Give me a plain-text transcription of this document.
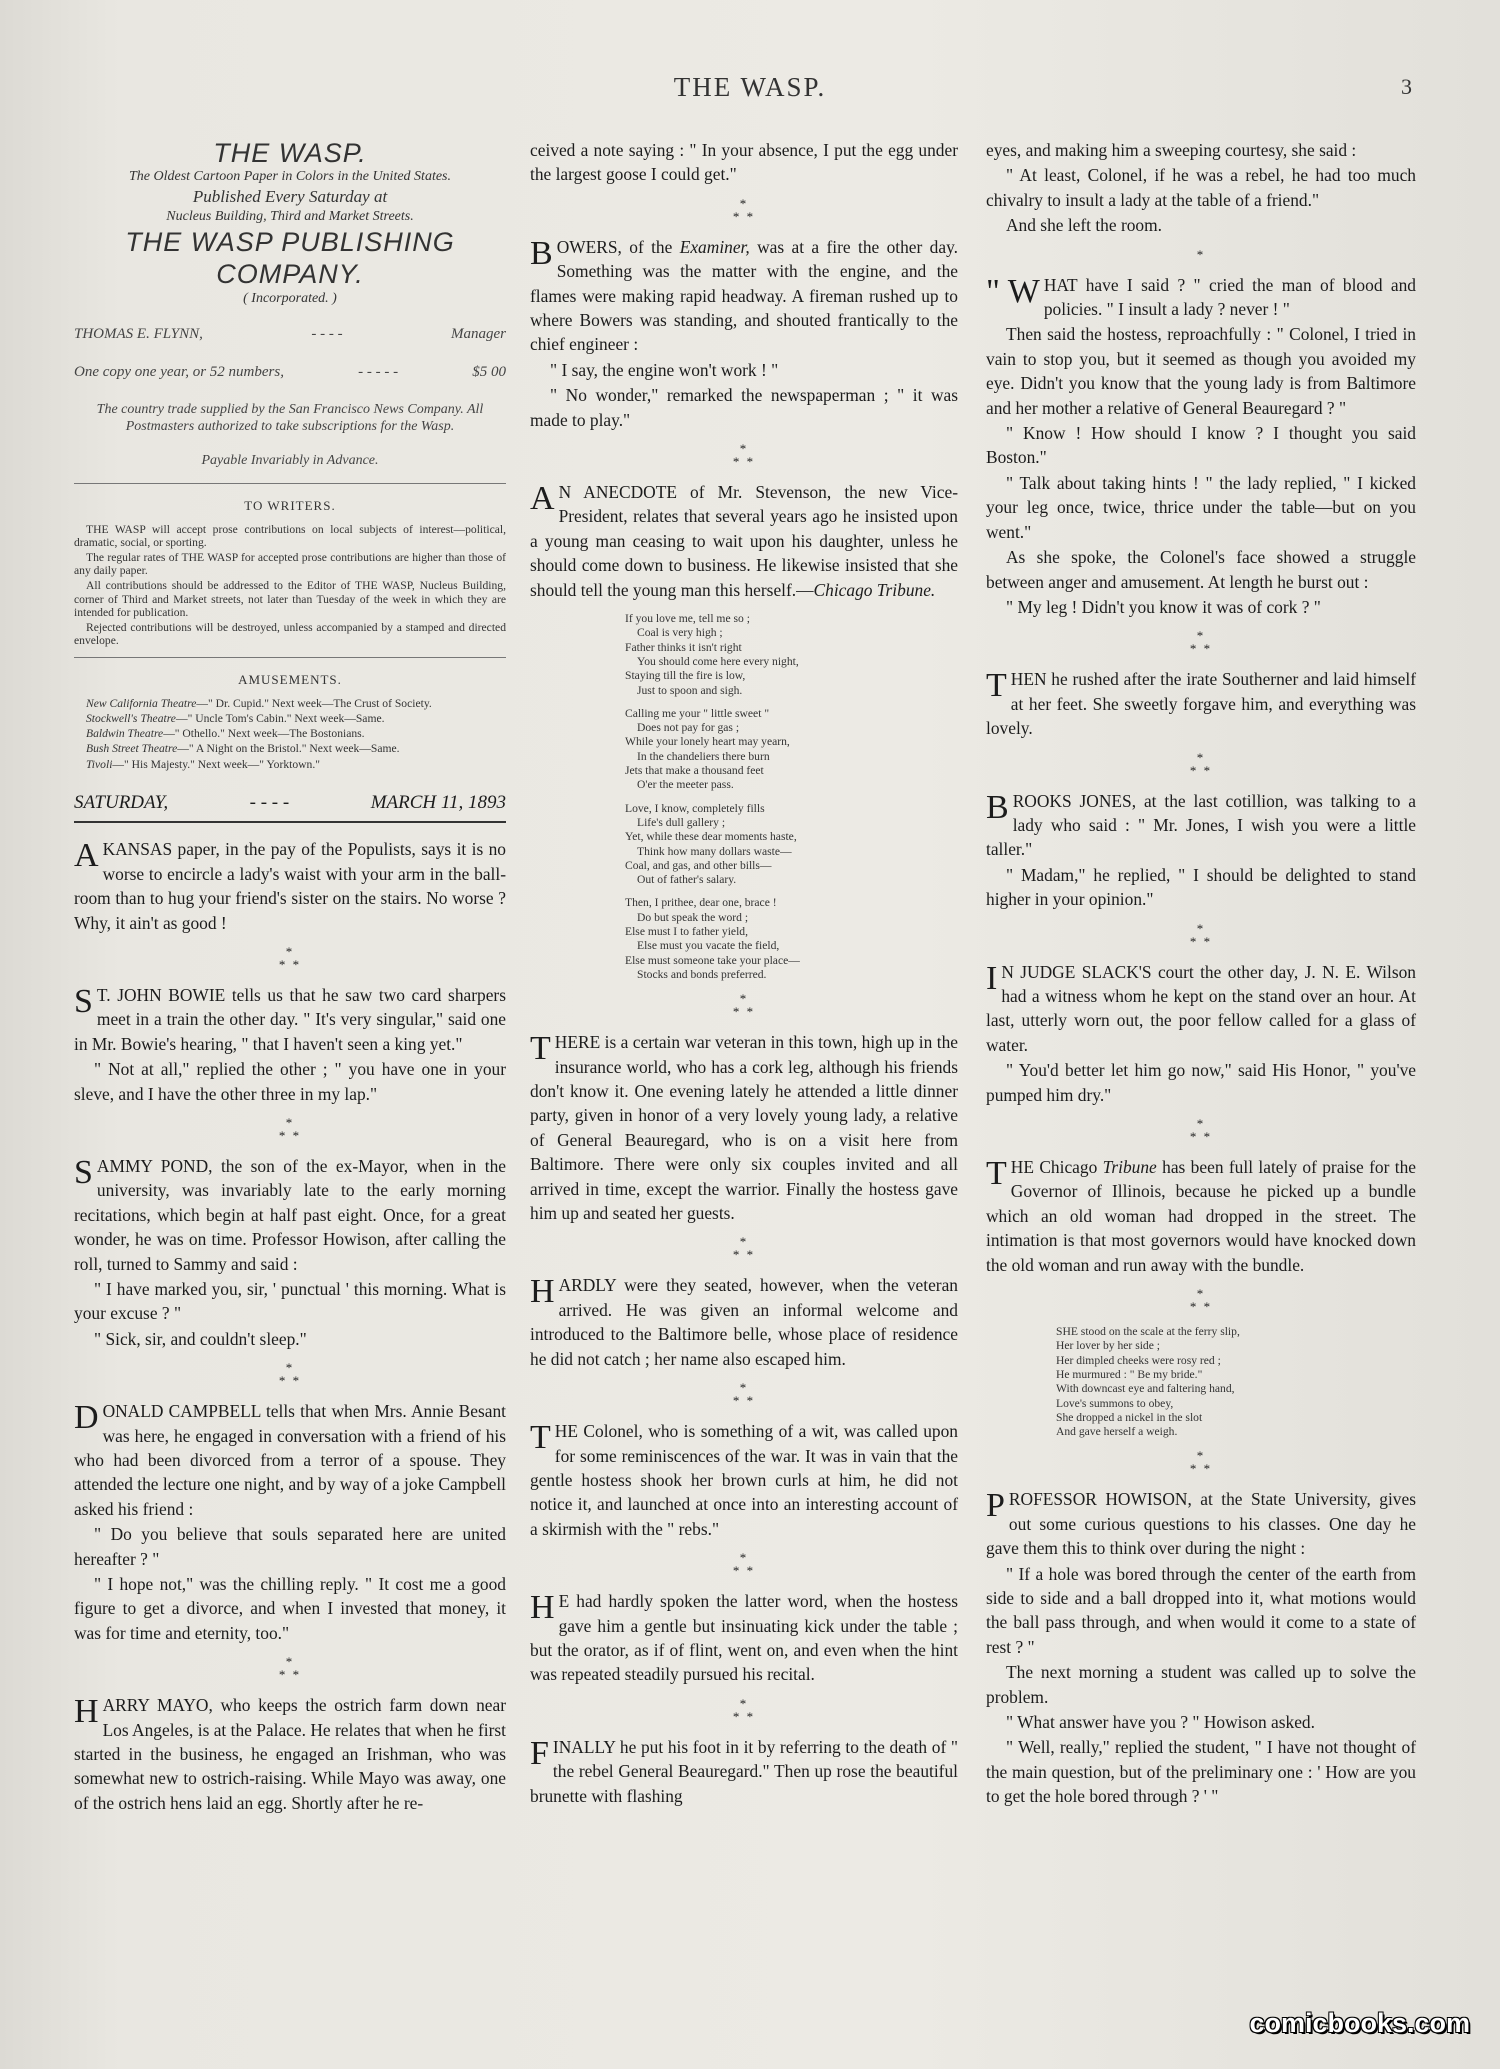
THE WASP.	3
THE WASP.
The Oldest Cartoon Paper in Colors in the United States.
Published Every Saturday at
Nucleus Building, Third and Market Streets.
THE WASP PUBLISHING COMPANY.
( Incorporated. )
THOMAS E. FLYNN,	- - - -	Manager
One copy one year, or 52 numbers,	- - - - -	$5 00
The country trade supplied by the San Francisco News Company. All Postmasters authorized to take subscriptions for the Wasp.
Payable Invariably in Advance.
TO WRITERS.

THE WASP will accept prose contributions on local subjects of interest—political, dramatic, social, or sporting.

The regular rates of THE WASP for accepted prose contributions are higher than those of any daily paper.

All contributions should be addressed to the Editor of THE WASP, Nucleus Building, corner of Third and Market streets, not later than Tuesday of the week in which they are intended for publication.

Rejected contributions will be destroyed, unless accompanied by a stamped and directed envelope.

AMUSEMENTS.

New California Theatre—" Dr. Cupid." Next week—The Crust of Society.

Stockwell's Theatre—" Uncle Tom's Cabin." Next week—Same.

Baldwin Theatre—" Othello." Next week—The Bostonians.

Bush Street Theatre—" A Night on the Bristol." Next week—Same.

Tivoli—" His Majesty." Next week—" Yorktown."

SATURDAY,	- - - -	MARCH 11, 1893

A KANSAS paper, in the pay of the Populists, says it is no worse to encircle a lady's waist with your arm in the ball-room than to hug your friend's sister on the stairs. No worse ? Why, it ain't as good !

*
* *

S T. JOHN BOWIE tells us that he saw two card sharpers meet in a train the other day. " It's very singular," said one in Mr. Bowie's hearing, " that I haven't seen a king yet."

" Not at all," replied the other ; " you have one in your sleve, and I have the other three in my lap."

*
* *

SAMMY POND, the son of the ex-Mayor, when in the university, was invariably late to the early morning recitations, which begin at half past eight. Once, for a great wonder, he was on time. Professor Howison, after calling the roll, turned to Sammy and said :

" I have marked you, sir, ' punctual ' this morning. What is your excuse ? "

" Sick, sir, and couldn't sleep."

*
* *

DONALD CAMPBELL tells that when Mrs. Annie Besant was here, he engaged in conversation with a friend of his who had been divorced from a terror of a spouse. They attended the lecture one night, and by way of a joke Campbell asked his friend :

" Do you believe that souls separated here are united hereafter ? "

" I hope not," was the chilling reply. " It cost me a good figure to get a divorce, and when I invested that money, it was for time and eternity, too."

*
* *

HARRY MAYO, who keeps the ostrich farm down near Los Angeles, is at the Palace. He relates that when he first started in the business, he engaged an Irishman, who was somewhat new to ostrich-raising. While Mayo was away, one of the ostrich hens laid an egg. Shortly after he re-

ceived a note saying : " In your absence, I put the egg under the largest goose I could get."

*
* *

BOWERS, of the Examiner, was at a fire the other day. Something was the matter with the engine, and the flames were making rapid headway. A fireman rushed up to where Bowers was standing, and shouted frantically to the chief engineer :

" I say, the engine won't work ! "

" No wonder," remarked the newspaperman ; " it was made to play."

*
* *

A N ANECDOTE of Mr. Stevenson, the new Vice-President, relates that several years ago he insisted upon a young man ceasing to wait upon his daughter, unless he should come down to business. He likewise insisted that she should tell the young man this herself.—Chicago Tribune.

If you love me, tell me so ;
Coal is very high ;
Father thinks it isn't right
You should come here every night,
Staying till the fire is low,
Just to spoon and sigh.
Calling me your " little sweet "
Does not pay for gas ;
While your lonely heart may yearn,
In the chandeliers there burn
Jets that make a thousand feet
O'er the meeter pass.
Love, I know, completely fills
Life's dull gallery ;
Yet, while these dear moments haste,
Think how many dollars waste—
Coal, and gas, and other bills—
Out of father's salary.
Then, I prithee, dear one, brace !
Do but speak the word ;
Else must I to father yield,
Else must you vacate the field,
Else must someone take your place—
Stocks and bonds preferred.
*
* *

THERE is a certain war veteran in this town, high up in the insurance world, who has a cork leg, although his friends don't know it. One evening lately he attended a little dinner party, given in honor of a very lovely young lady, a relative of General Beauregard, who is on a visit here from Baltimore. There were only six couples invited and all arrived in time, except the warrior. Finally the hostess gave him up and seated her guests.

*
* *

HARDLY were they seated, however, when the veteran arrived. He was given an informal welcome and introduced to the Baltimore belle, whose place of residence he did not catch ; her name also escaped him.

*
* *

THE Colonel, who is something of a wit, was called upon for some reminiscences of the war. It was in vain that the gentle hostess shook her brown curls at him, he did not notice it, and launched at once into an interesting account of a skirmish with the " rebs."

*
* *

H E had hardly spoken the latter word, when the hostess gave him a gentle but insinuating kick under the table ; but the orator, as if of flint, went on, and even when the hint was repeated steadily pursued his recital.

*
* *

FINALLY he put his foot in it by referring to the death of " the rebel General Beauregard." Then up rose the beautiful brunette with flashing

eyes, and making him a sweeping courtesy, she said :

" At least, Colonel, if he was a rebel, he had too much chivalry to insult a lady at the table of a friend."

And she left the room.

*

" W HAT have I said ? " cried the man of blood and policies. " I insult a lady ? never ! "

Then said the hostess, reproachfully : " Colonel, I tried in vain to stop you, but it seemed as though you avoided my eye. Didn't you know that the young lady is from Baltimore and her mother a relative of General Beauregard ? "

" Know ! How should I know ? I thought you said Boston."

" Talk about taking hints ! " the lady replied, " I kicked your leg once, twice, thrice under the table—but on you went."

As she spoke, the Colonel's face showed a struggle between anger and amusement. At length he burst out :

" My leg ! Didn't you know it was of cork ? "

*
* *

THEN he rushed after the irate Southerner and laid himself at her feet. She sweetly forgave him, and everything was lovely.

*
* *

BROOKS JONES, at the last cotillion, was talking to a lady who said : " Mr. Jones, I wish you were a little taller."

" Madam," he replied, " I should be delighted to stand higher in your opinion."

*
* *

I N JUDGE SLACK'S court the other day, J. N. E. Wilson had a witness whom he kept on the stand over an hour. At last, utterly worn out, the poor fellow called for a glass of water.

" You'd better let him go now," said His Honor, " you've pumped him dry."

*
* *

THE Chicago Tribune has been full lately of praise for the Governor of Illinois, because he picked up a bundle which an old woman had dropped in the street. The intimation is that most governors would have knocked down the old woman and run away with the bundle.

*
* *
SHE stood on the scale at the ferry slip,
Her lover by her side ;
Her dimpled cheeks were rosy red ;
He murmured : " Be my bride."
With downcast eye and faltering hand,
Love's summons to obey,
She dropped a nickel in the slot
And gave herself a weigh.
*
* *

PROFESSOR HOWISON, at the State University, gives out some curious questions to his classes. One day he gave them this to think over during the night :

" If a hole was bored through the center of the earth from side to side and a ball dropped into it, what motions would the ball pass through, and when would it come to a state of rest ? "

The next morning a student was called up to solve the problem.

" What answer have you ? " Howison asked.

" Well, really," replied the student, " I have not thought of the main question, but of the preliminary one : ' How are you to get the hole bored through ? ' "

comicbooks.com
